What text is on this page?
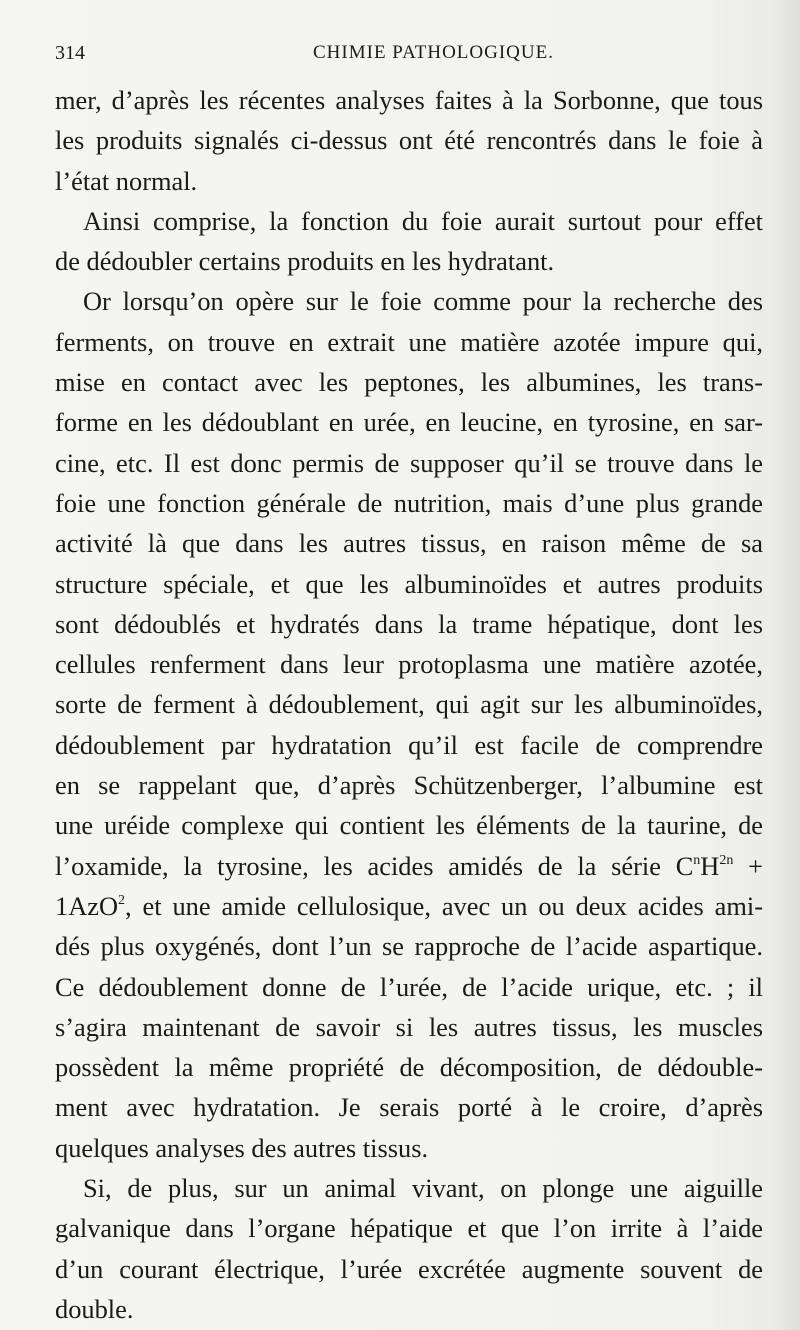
314	CHIMIE PATHOLOGIQUE.
mer, d’après les récentes analyses faites à la Sorbonne, que tous
les produits signalés ci-dessus ont été rencontrés dans le foie à
l’état normal.
Ainsi comprise, la fonction du foie aurait surtout pour effet
de dédoubler certains produits en les hydratant.
Or lorsqu’on opère sur le foie comme pour la recherche des
ferments, on trouve en extrait une matière azotée impure qui,
mise en contact avec les peptones, les albumines, les trans-
forme en les dédoublant en urée, en leucine, en tyrosine, en sar-
cine, etc. Il est donc permis de supposer qu’il se trouve dans le
foie une fonction générale de nutrition, mais d’une plus grande
activité là que dans les autres tissus, en raison même de sa
structure spéciale, et que les albuminoïdes et autres produits
sont dédoublés et hydratés dans la trame hépatique, dont les
cellules renferment dans leur protoplasma une matière azotée,
sorte de ferment à dédoublement, qui agit sur les albuminoïdes,
dédoublement par hydratation qu’il est facile de comprendre
en se rappelant que, d’après Schützenberger, l’albumine est
une uréide complexe qui contient les éléments de la taurine, de
l’oxamide, la tyrosine, les acides amidés de la série $C^nH^{2n}$ +
1AzO$^2$, et une amide cellulosique, avec un ou deux acides ami-
dés plus oxygénés, dont l’un se rapproche de l’acide aspartique.
Ce dédoublement donne de l’urée, de l’acide urique, etc. ; il
s’agira maintenant de savoir si les autres tissus, les muscles
possèdent la même propriété de décomposition, de dédouble-
ment avec hydratation. Je serais porté à le croire, d’après
quelques analyses des autres tissus.
Si, de plus, sur un animal vivant, on plonge une aiguille
galvanique dans l’organe hépatique et que l’on irrite à l’aide
d’un courant électrique, l’urée excrétée augmente souvent de
double.
